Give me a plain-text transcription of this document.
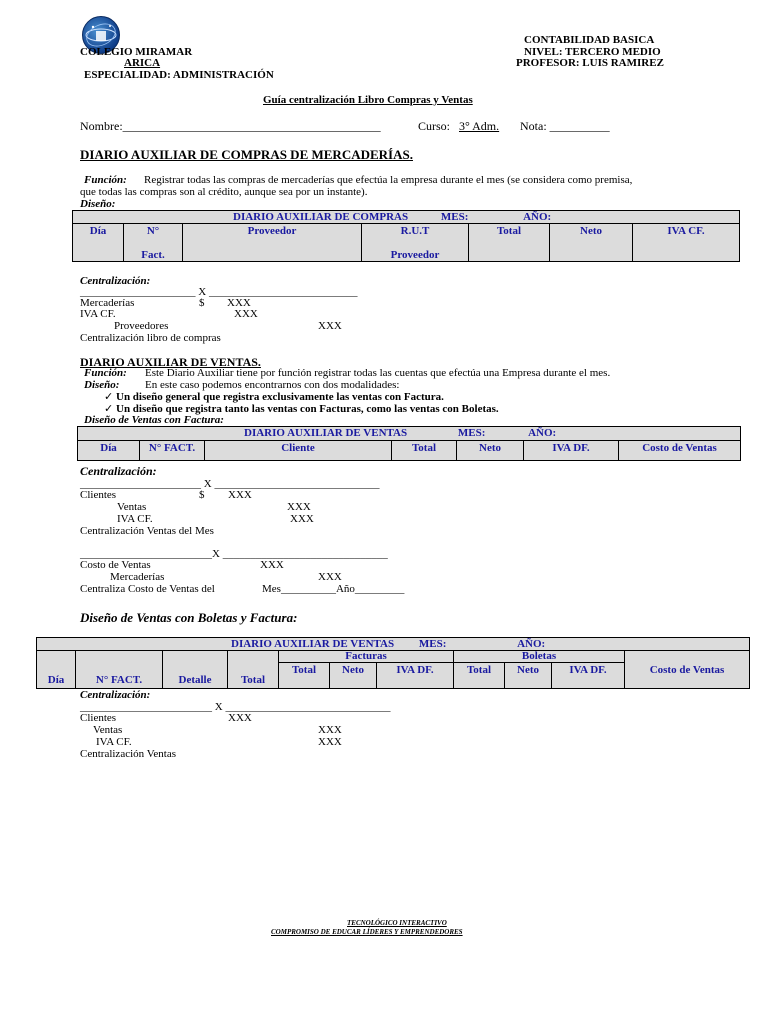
COLEGIO MIRAMAR
ARICA
ESPECIALIDAD: ADMINISTRACIÓN
CONTABILIDAD BASICA
NIVEL: TERCERO MEDIO
PROFESOR: LUIS RAMIREZ
Guía centralización Libro Compras y Ventas
Nombre:___________________________________________	Curso: 3° Adm. Nota: __________
DIARIO AUXILIAR DE COMPRAS DE MERCADERÍAS.
Función: Registrar todas las compras de mercaderías que efectúa la empresa durante el mes (se considera como premisa,
que todas las compras son al crédito, aunque sea por un instante).
Diseño:
DIARIO AUXILIAR DE COMPRAS	MES:	AÑO:
Día	N°
Fact.
	Proveedor	R.U.T
Proveedor
	Total	Neto	IVA CF.
Centralización:
_____________________ X ___________________________
Mercaderías	$ XXX
IVA CF.	XXX
Proveedores	XXX
Centralización libro de compras
DIARIO AUXILIAR DE VENTAS.
Función: Este Diario Auxiliar tiene por función registrar todas las cuentas que efectúa una Empresa durante el mes.
Diseño: En este caso podemos encontrarnos con dos modalidades:
✓ Un diseño general que registra exclusivamente las ventas con Factura.
✓ Un diseño que registra tanto las ventas con Facturas, como las ventas con Boletas.
Diseño de Ventas con Factura:
DIARIO AUXILIAR DE VENTAS	MES:	AÑO:
Día	N° FACT.	Cliente	Total	Neto	IVA DF.	Costo de Ventas
Centralización:
______________________ X ______________________________
Clientes	$ XXX
Ventas	XXX
IVA CF.	XXX
Centralización Ventas del Mes
________________________X ______________________________
Costo de Ventas	XXX
Mercaderías	XXX
Centraliza Costo de Ventas del	Mes__________Año_________
Diseño de Ventas con Boletas y Factura:
DIARIO AUXILIAR DE VENTAS MES: AÑO:										
Día	N° FACT.	Detalle	Total	Facturas			Boletas			Costo de Ventas
				Total	Neto	IVA DF.	Total	Neto	IVA DF.	
Centralización:
________________________ X ______________________________
Clientes	XXX
Ventas	XXX
IVA CF.	XXX
Centralización Ventas
TECNOLÓGICO INTERACTIVO
COMPROMISO DE EDUCAR LÍDERES Y EMPRENDEDORES
